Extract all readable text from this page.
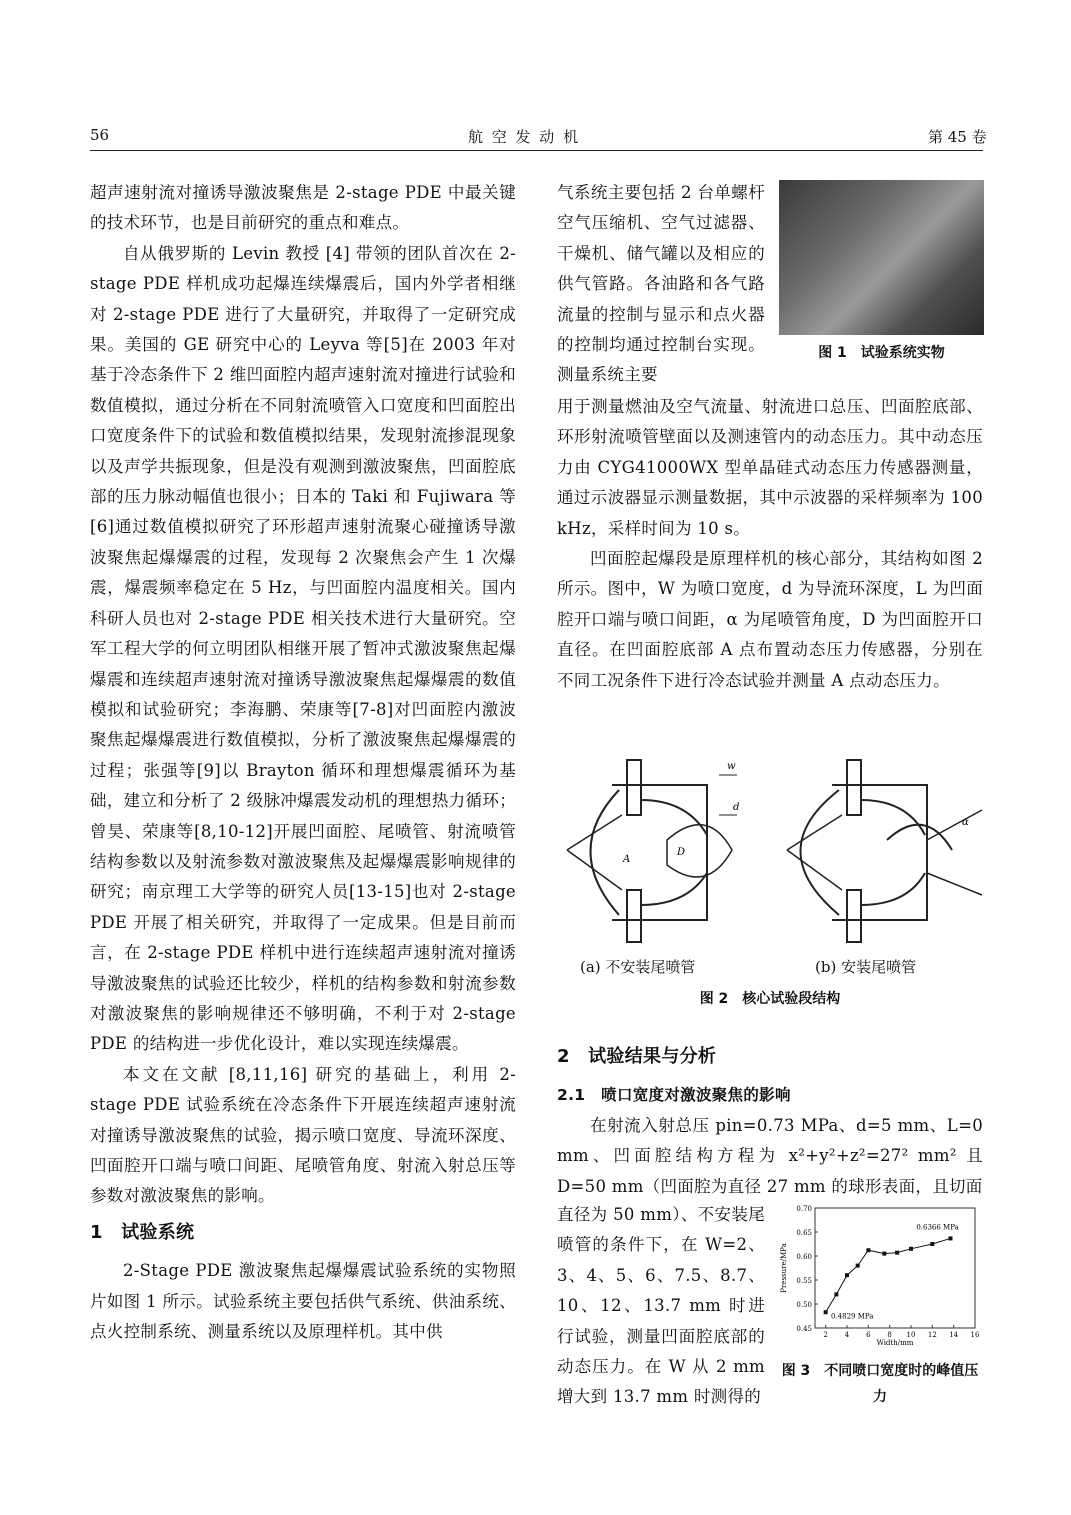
56	航 空 发 动 机	第 45 卷

超声速射流对撞诱导激波聚焦是 2-stage PDE 中最关键的技术环节，也是目前研究的重点和难点。

自从俄罗斯的 Levin 教授 [4] 带领的团队首次在 2-stage PDE 样机成功起爆连续爆震后，国内外学者相继对 2-stage PDE 进行了大量研究，并取得了一定研究成果。美国的 GE 研究中心的 Leyva 等[5]在 2003 年对基于冷态条件下 2 维凹面腔内超声速射流对撞进行试验和数值模拟，通过分析在不同射流喷管入口宽度和凹面腔出口宽度条件下的试验和数值模拟结果，发现射流掺混现象以及声学共振现象，但是没有观测到激波聚焦，凹面腔底部的压力脉动幅值也很小；日本的 Taki 和 Fujiwara 等[6]通过数值模拟研究了环形超声速射流聚心碰撞诱导激波聚焦起爆爆震的过程，发现每 2 次聚焦会产生 1 次爆震，爆震频率稳定在 5 Hz，与凹面腔内温度相关。国内科研人员也对 2-stage PDE 相关技术进行大量研究。空军工程大学的何立明团队相继开展了暂冲式激波聚焦起爆爆震和连续超声速射流对撞诱导激波聚焦起爆爆震的数值模拟和试验研究；李海鹏、荣康等[7-8]对凹面腔内激波聚焦起爆爆震进行数值模拟，分析了激波聚焦起爆爆震的过程；张强等[9]以 Brayton 循环和理想爆震循环为基础，建立和分析了 2 级脉冲爆震发动机的理想热力循环；曾昊、荣康等[8,10-12]开展凹面腔、尾喷管、射流喷管结构参数以及射流参数对激波聚焦及起爆爆震影响规律的研究；南京理工大学等的研究人员[13-15]也对 2-stage PDE 开展了相关研究，并取得了一定成果。但是目前而言，在 2-stage PDE 样机中进行连续超声速射流对撞诱导激波聚焦的试验还比较少，样机的结构参数和射流参数对激波聚焦的影响规律还不够明确，不利于对 2-stage PDE 的结构进一步优化设计，难以实现连续爆震。

本文在文献 [8,11,16] 研究的基础上，利用 2-stage PDE 试验系统在冷态条件下开展连续超声速射流对撞诱导激波聚焦的试验，揭示喷口宽度、导流环深度、凹面腔开口端与喷口间距、尾喷管角度、射流入射总压等参数对激波聚焦的影响。

1　试验系统

2-Stage PDE 激波聚焦起爆爆震试验系统的实物照片如图 1 所示。试验系统主要包括供气系统、供油系统、点火控制系统、测量系统以及原理样机。其中供

气系统主要包括 2 台单螺杆空气压缩机、空气过滤器、干燥机、储气罐以及相应的供气管路。各油路和各气路流量的控制与显示和点火器的控制均通过控制台实现。测量系统主要

图 1　试验系统实物

用于测量燃油及空气流量、射流进口总压、凹面腔底部、环形射流喷管壁面以及测速管内的动态压力。其中动态压力由 CYG41000WX 型单晶硅式动态压力传感器测量，通过示波器显示测量数据，其中示波器的采样频率为 100 kHz，采样时间为 10 s。

凹面腔起爆段是原理样机的核心部分，其结构如图 2 所示。图中，W 为喷口宽度，d 为导流环深度，L 为凹面腔开口端与喷口间距，α 为尾喷管角度，D 为凹面腔开口直径。在凹面腔底部 A 点布置动态压力传感器，分别在不同工况条件下进行冷态试验并测量 A 点动态压力。

w
d
A
D
α
(a) 不安装尾喷管	(b) 安装尾喷管
图 2　核心试验段结构
2　试验结果与分析
2.1　喷口宽度对激波聚焦的影响

在射流入射总压 pin=0.73 MPa、d=5 mm、L=0 mm、凹面腔结构方程为 x²+y²+z²=27² mm² 且 D=50 mm（凹面腔为直径 27 mm 的球形表面，且切面

直径为 50 mm）、不安装尾喷管的条件下，在 W=2、3、4、5、6、7.5、8.7、10、12、13.7 mm 时进行试验，测量凹面腔底部的动态压力。在 W 从 2 mm 增大到 13.7 mm 时测得的

0.45
0.50
0.55
0.60
0.65
0.70
2 4 6 8 10 12 14 16
Width/mm
Pressure/MPa
0.6366 MPa
0.4829 MPa
图 3　不同喷口宽度时的峰值压力
